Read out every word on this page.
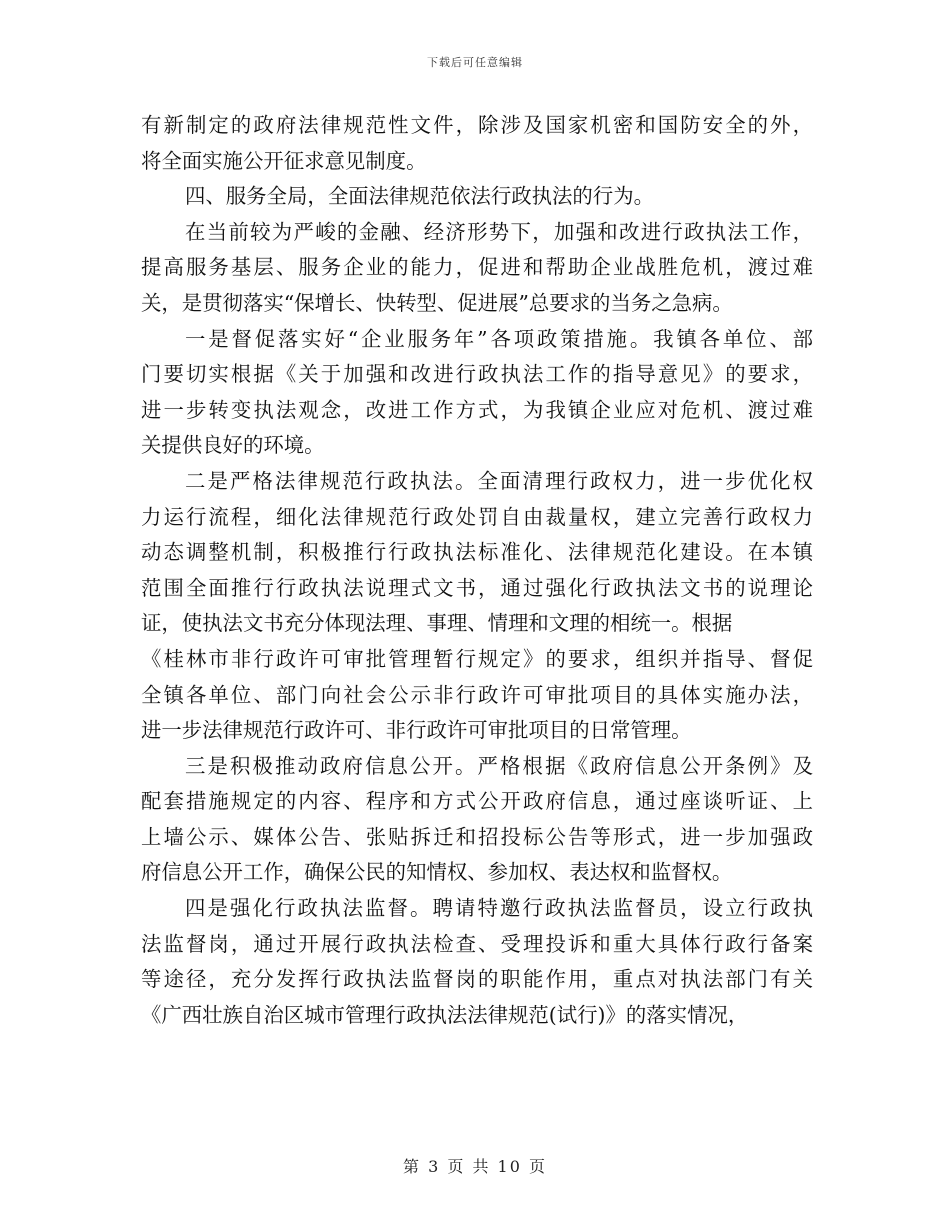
下载后可任意编辑
有新制定的政府法律规范性文件，除涉及国家机密和国防安全的外，
将全面实施公开征求意见制度。
四、服务全局，全面法律规范依法行政执法的行为。
在当前较为严峻的金融、经济形势下，加强和改进行政执法工作，
提高服务基层、服务企业的能力，促进和帮助企业战胜危机，渡过难
关，是贯彻落实“保增长、快转型、促进展”总要求的当务之急病。
一是督促落实好“企业服务年”各项政策措施。我镇各单位、部
门要切实根据《关于加强和改进行政执法工作的指导意见》的要求，
进一步转变执法观念，改进工作方式，为我镇企业应对危机、渡过难
关提供良好的环境。
二是严格法律规范行政执法。全面清理行政权力，进一步优化权
力运行流程，细化法律规范行政处罚自由裁量权，建立完善行政权力
动态调整机制，积极推行行政执法标准化、法律规范化建设。在本镇
范围全面推行行政执法说理式文书，通过强化行政执法文书的说理论
证，使执法文书充分体现法理、事理、情理和文理的相统一。根据
《桂林市非行政许可审批管理暂行规定》的要求，组织并指导、督促
全镇各单位、部门向社会公示非行政许可审批项目的具体实施办法，
进一步法律规范行政许可、非行政许可审批项目的日常管理。
三是积极推动政府信息公开。严格根据《政府信息公开条例》及
配套措施规定的内容、程序和方式公开政府信息，通过座谈听证、上
上墙公示、媒体公告、张贴拆迁和招投标公告等形式，进一步加强政
府信息公开工作，确保公民的知情权、参加权、表达权和监督权。
四是强化行政执法监督。聘请特邀行政执法监督员，设立行政执
法监督岗，通过开展行政执法检查、受理投诉和重大具体行政行备案
等途径，充分发挥行政执法监督岗的职能作用，重点对执法部门有关
《广西壮族自治区城市管理行政执法法律规范(试行)》的落实情况，
第 3 页 共 10 页
